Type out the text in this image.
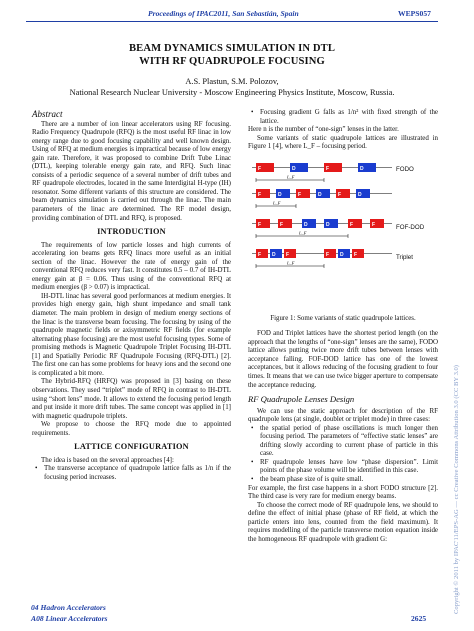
Proceedings of IPAC2011, San Sebastián, Spain	WEPS057
BEAM DYNAMICS SIMULATION IN DTL
WITH RF QUADRUPOLE FOCUSING
A.S. Plastun, S.M. Polozov,
National Research Nuclear University - Moscow Engineering Physics Institute, Moscow, Russia.
Abstract

There are a number of ion linear accelerators using RF focusing. Radio Frequency Quadrupole (RFQ) is the most useful RF linac in low energy range due to good focusing capability and well known design. Using of RFQ at medium energies is impractical because of low energy gain rate. Therefore, it was proposed to combine Drift Tube Linac (DTL), keeping tolerable energy gain rate, and RFQ. Such linac consists of a periodic sequence of a several number of drift tubes and RF quadrupole electrodes, located in the same Interdigital H-type (IH) resonator. Some different variants of this structure are considered. The beam dynamics simulation is carried out through the linac. The main parameters of the linac are determined. The RF model design, providing combination of DTL and RFQ, is proposed.

INTRODUCTION

The requirements of low particle losses and high currents of accelerating ion beams gets RFQ linacs more useful as an initial section of the linac. However the rate of energy gain of the conventional RFQ reduces very fast. It constitutes 0.5 – 0.7 of IH-DTL energy gain at β = 0.06. Thus using of the conventional RFQ at medium energies (β > 0.07) is impractical.

IH-DTL linac has several good performances at medium energies. It provides high energy gain, high shunt impedance and small tank diameter. The main problem in design of medium energy sections of the linac is the transverse beam focusing. The focusing by using of the quadrupole magnetic fields or axisymmetric RF fields (for example alternating phase focusing) are the most useful focusing types. Some of promising methods is Magnetic Quadrupole Triplet Focusing IH-DTL [1] and Spatially Periodic RF Quadrupole Focusing (RFQ-DTL) [2]. The first one can has some problems for heavy ions and the second one is complicated a bit more.

The Hybrid-RFQ (HRFQ) was proposed in [3] basing on these observations. They used “triplet” mode of RFQ in contrast to IH-DTL using “short lens” mode. It allows to extend the focusing period length and put inside it more drift tubes. The same concept was applied in [1] with magnetic quadrupole triplets.

We propose to choose the RFQ mode due to appointed requirements.

LATTICE CONFIGURATION

The idea is based on the several approaches [4]:

• The transverse acceptance of quadrupole lattice falls as 1/n if the focusing period increases.
• Focusing gradient G falls as 1/n² with fixed strength of the lattice.

Here n is the number of “one-sign” lenses in the latter.

Some variants of static quadrupole lattices are illustrated in Figure 1 [4], where L_F – focusing period.

F	D	F	D
L_F
F	D	F	D	F	D
L_F
F	F	D	D	F	F
L_F
F D F	F D F
L_F
FODO
FOF-DOD
Triplet
Figure 1: Some variants of static quadrupole lattices.

FOD and Triplet lattices have the shortest period length (on the approach that the lengths of “one-sign” lenses are the same), FODO lattice allows putting twice more drift tubes between lenses with acceptance falling. FOF-DOD lattice has one of the lowest acceptances, but it allows reducing of the focusing gradient to four times. It means that we can use twice bigger aperture to compensate the acceptance reducing.

RF Quadrupole Lenses Design

We can use the static approach for description of the RF quadrupole lens (at single, doublet or triplet mode) in three cases:

• the spatial period of phase oscillations is much longer then focusing period. The parameters of “effective static lenses” are drifting slowly according to current phase of particle in this case.
• RF quadrupole lenses have low “phase dispersion”. Limit points of the phase volume will be identified in this case.
• the beam phase size of is quite small.

For example, the first case happens in a short FODO structure [2]. The third case is very rare for medium energy beams.

To choose the correct mode of RF quadrupole lens, we should to define the effect of initial phase (phase of RF field, at which the particle enters into lens, counted from the field maximum). It requires modelling of the particle transverse motion equation inside the homogeneous RF quadrupole with gradient G:

04 Hadron Accelerators
A08 Linear Accelerators	2625
Copyright © 2011 by IPAC'11/EPS-AG — cc Creative Commons Attribution 3.0 (CC BY 3.0)
